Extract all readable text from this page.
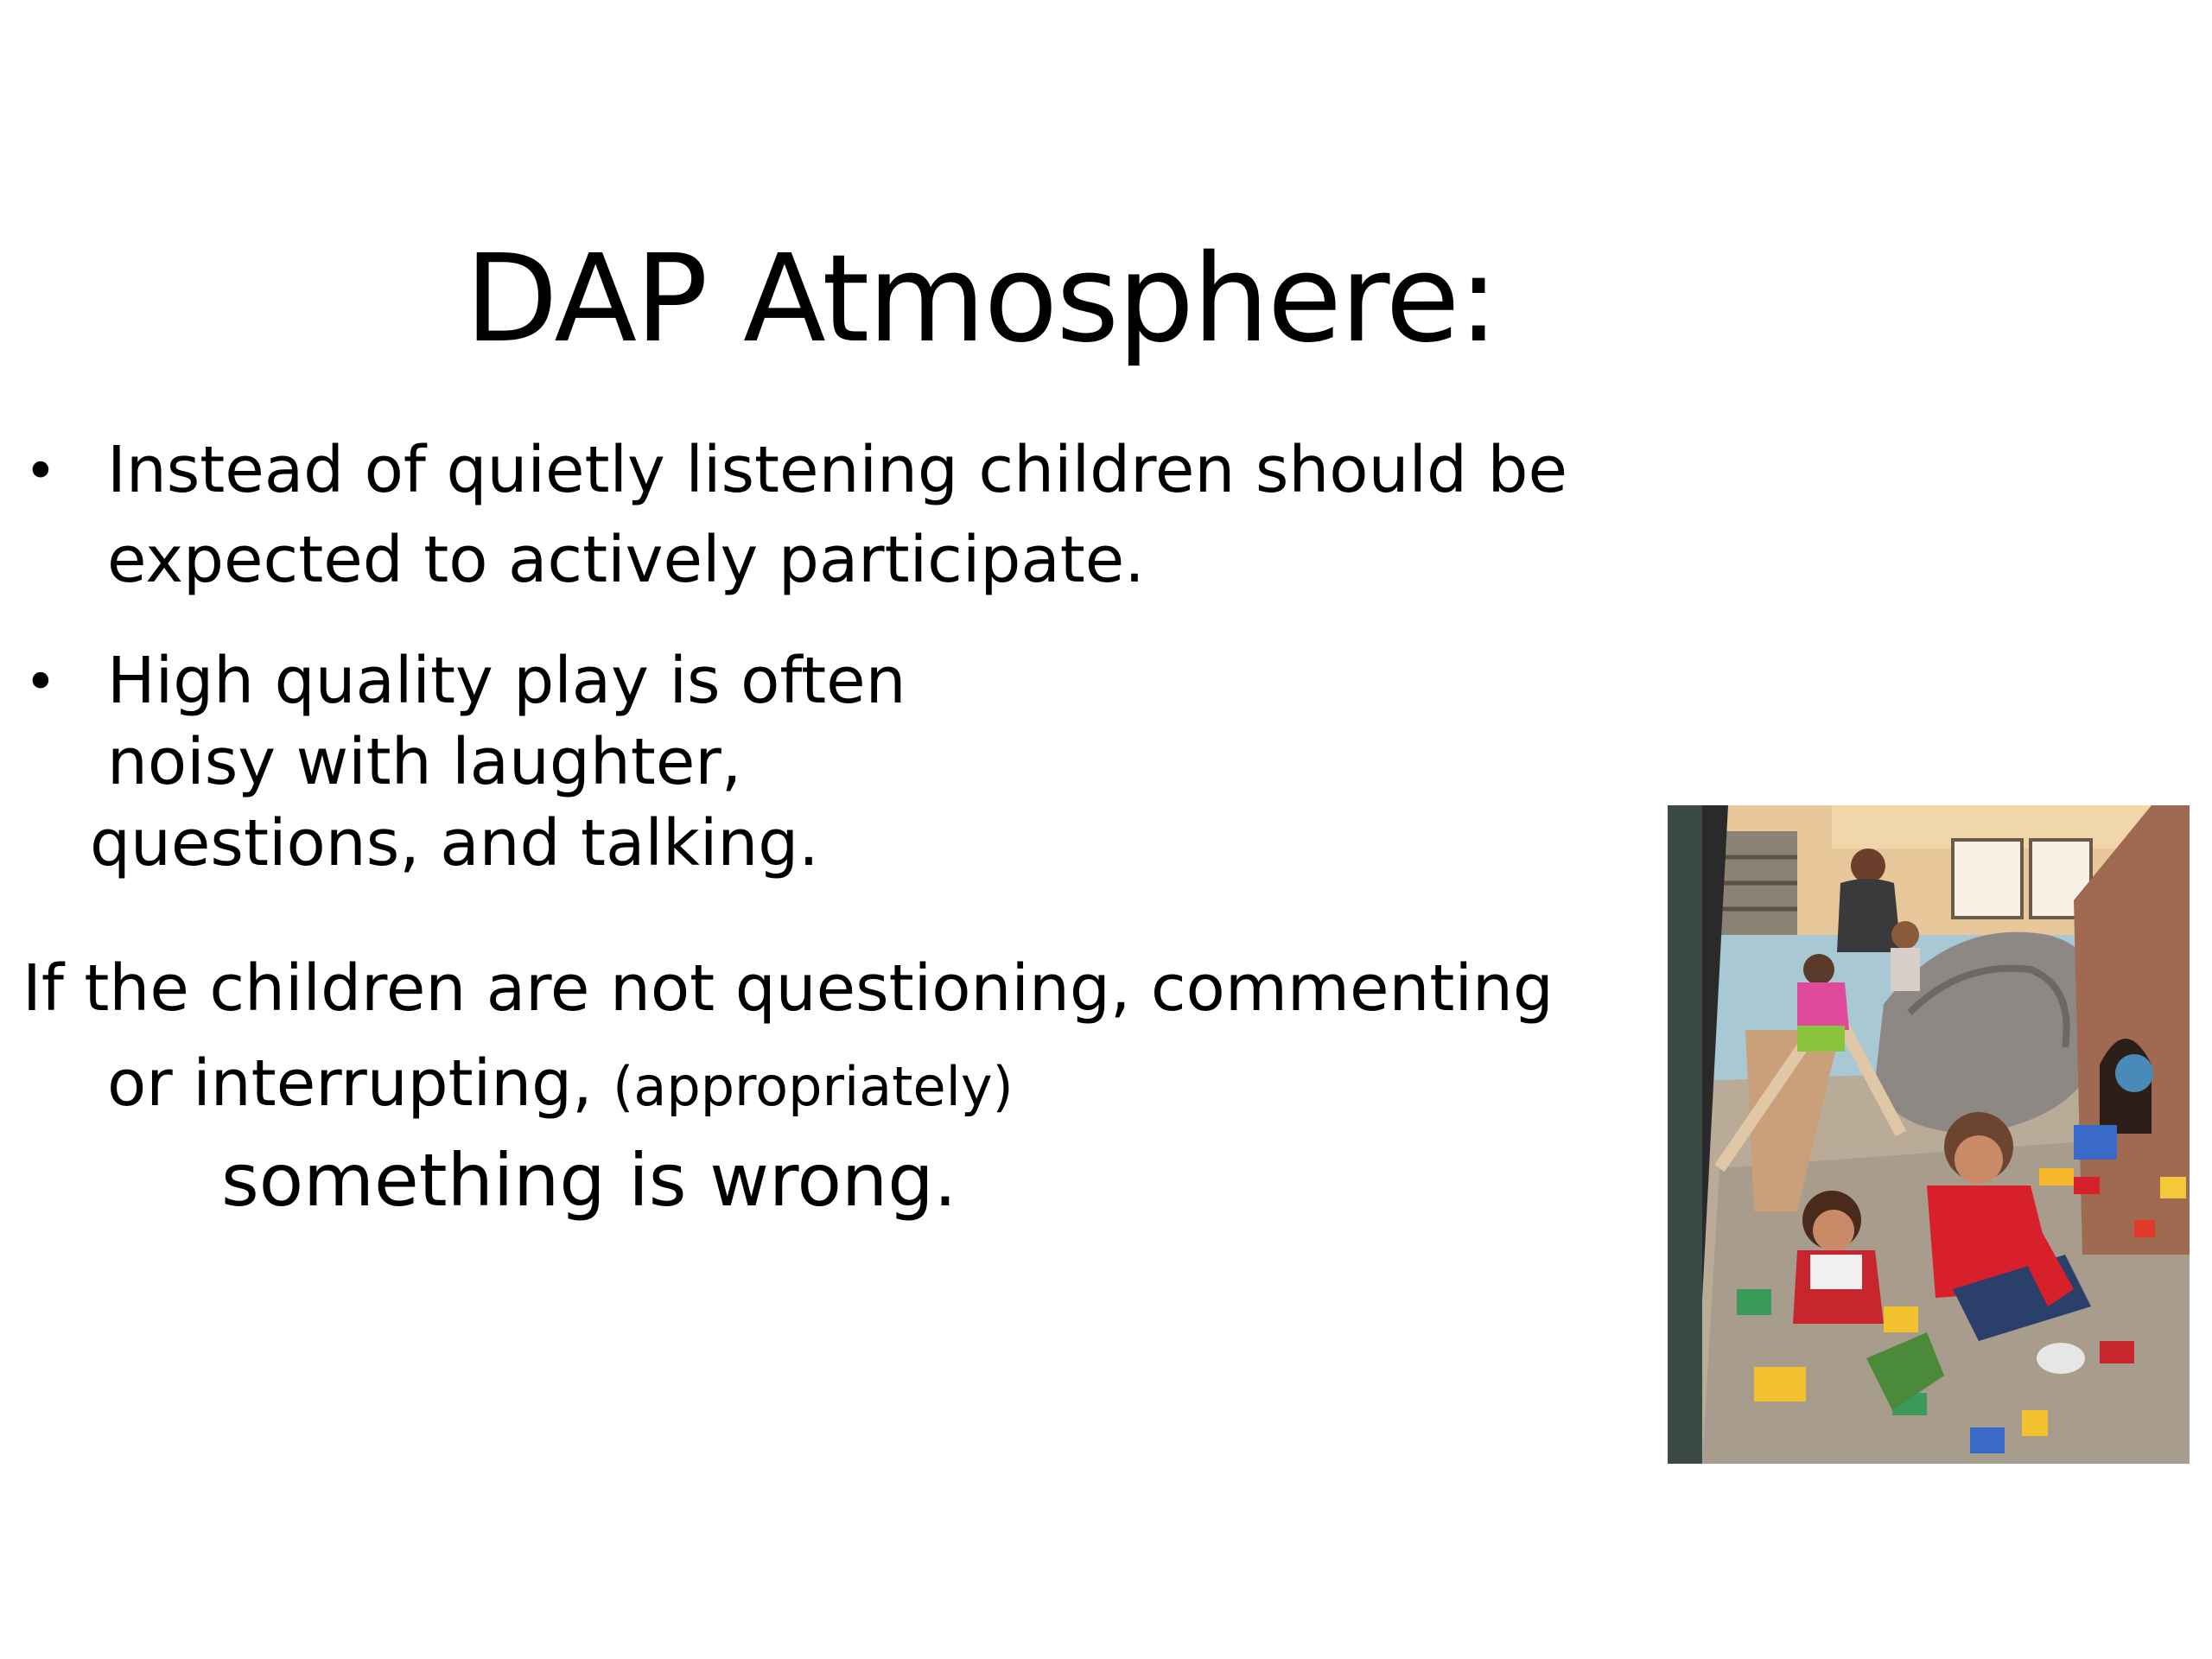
DAP Atmosphere:
• Instead of quietly listening children should be
expected to actively participate.
• High quality play is often
noisy with laughter,
questions, and talking.
If the children are not questioning, commenting
or interrupting, (appropriately)
something is wrong.
